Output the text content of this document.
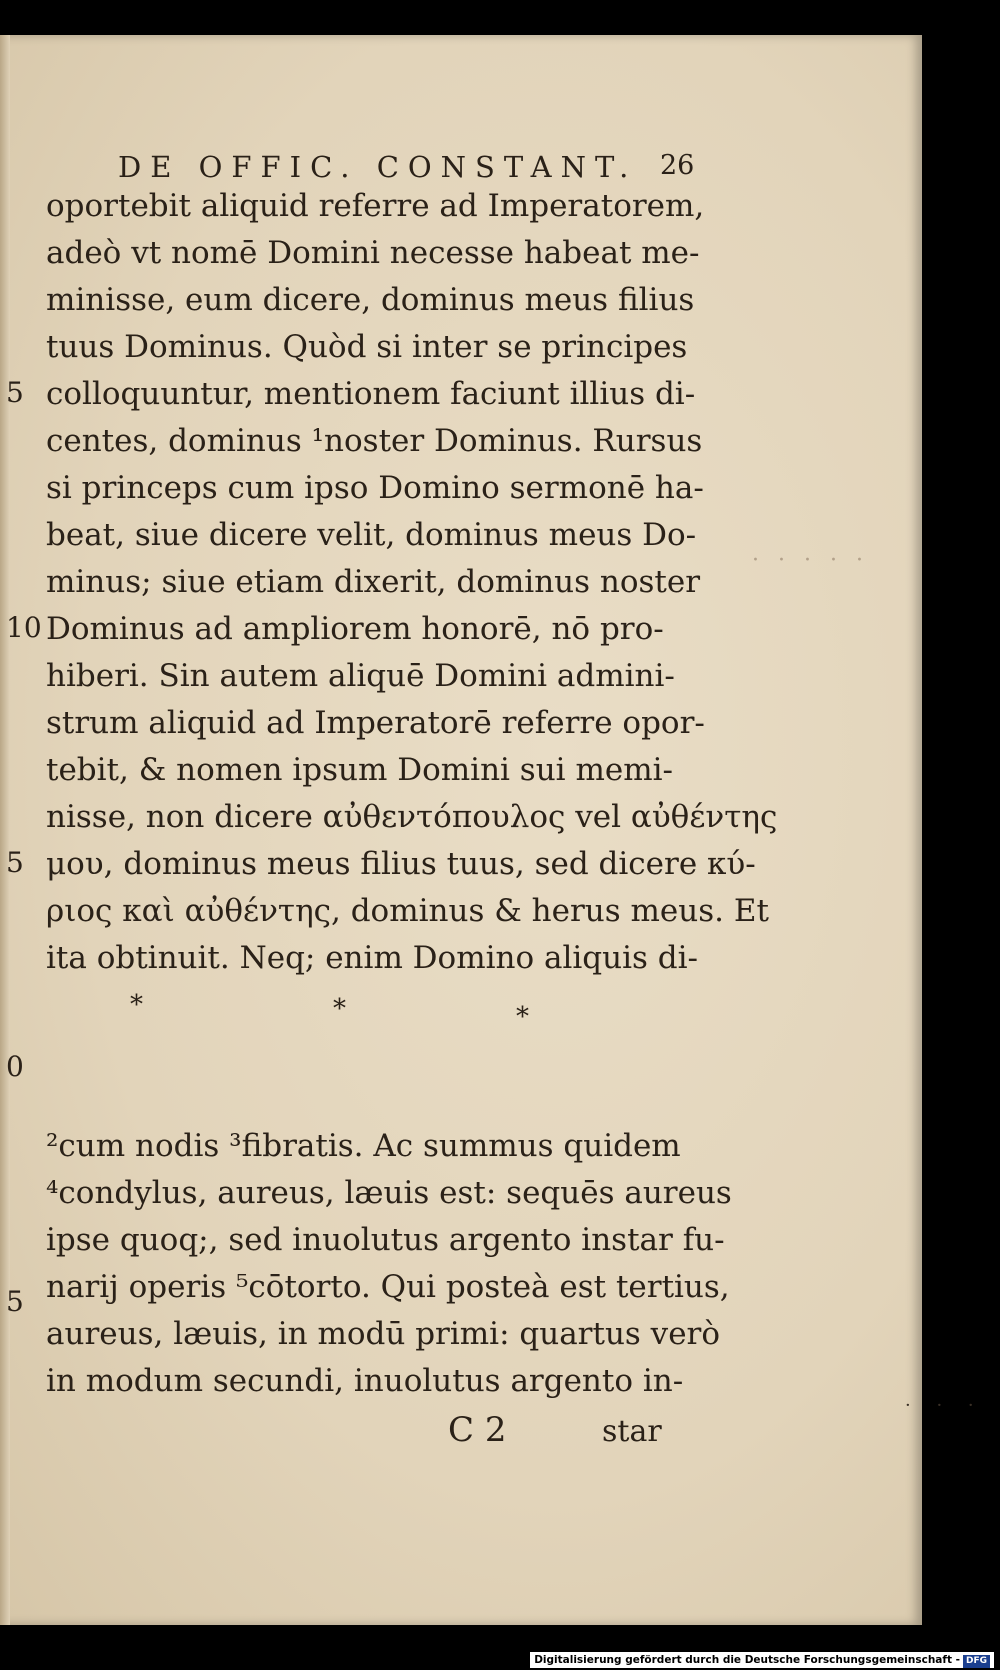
DE OFFIC. CONSTANT. 26
oportebit aliquid referre ad Imperatorem,
adeò vt nomē Domini necesse habeat me-
minisse, eum dicere, dominus meus filius
tuus Dominus. Quòd si inter se principes
colloquuntur, mentionem faciunt illius di-
centes, dominus ¹noster Dominus. Rursus
si princeps cum ipso Domino sermonē ha-
beat, siue dicere velit, dominus meus Do-
minus; siue etiam dixerit, dominus noster
Dominus ad ampliorem honorē, nō pro-
hiberi. Sin autem aliquē Domini admini-
strum aliquid ad Imperatorē referre opor-
tebit, & nomen ipsum Domini sui memi-
nisse, non dicere αὐθεντόπουλος vel αὐθέντης
μου, dominus meus filius tuus, sed dicere κύ-
ριος καὶ αὐθέντης, dominus & herus meus. Et
ita obtinuit. Neq; enim Domino aliquis di-
5
10
5
0
5
*	*	*
²cum nodis ³fibratis. Ac summus quidem
⁴condylus, aureus, læuis est: sequēs aureus
ipse quoq;, sed inuolutus argento instar fu-
narij operis ⁵cōtorto. Qui posteà est tertius,
aureus, læuis, in modū primi: quartus verò
in modum secundi, inuolutus argento in-
C 2	star
· · · · ·
· · ·
Digitalisierung gefördert durch die Deutsche Forschungsgemeinschaft - DFG
